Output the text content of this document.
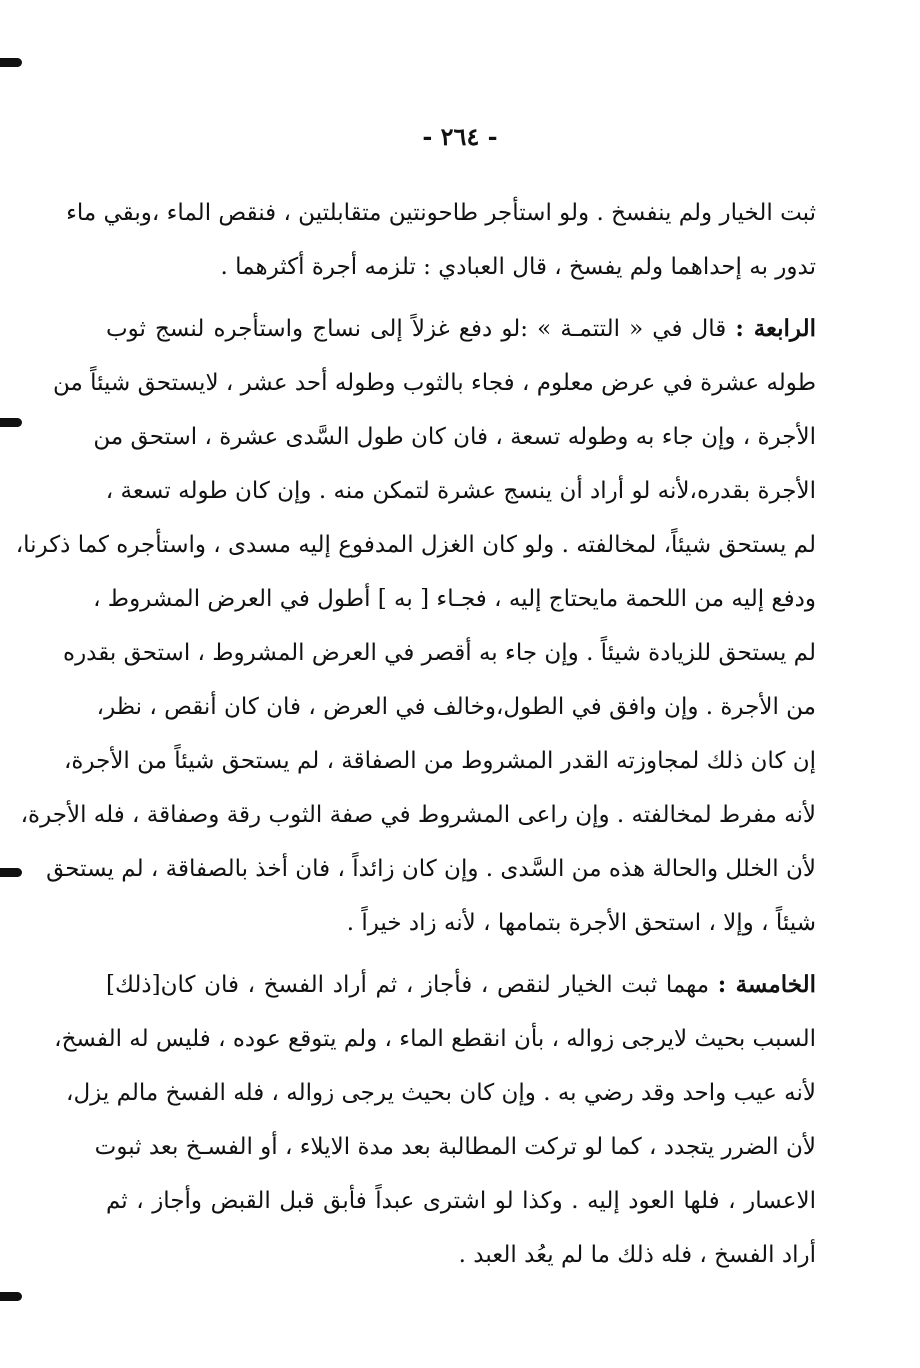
- ٢٦٤ -
ثبت الخيار ولم ينفسخ . ولو استأجر طاحونتين متقابلتين ، فنقص الماء ،وبقي ماء
تدور به إحداهما ولم يفسخ ، قال العبادي : تلزمه أجرة أكثرهما .
الرابعة : قال في « التتمـة » :لو دفع غزلاً إلى نساج واستأجره لنسج ثوب
طوله عشرة في عرض معلوم ، فجاء بالثوب وطوله أحد عشر ، لايستحق شيئاً من
الأجرة ، وإن جاء به وطوله تسعة ، فان كان طول السَّدى عشرة ، استحق من
الأجرة بقدره،لأنه لو أراد أن ينسج عشرة لتمكن منه . وإن كان طوله تسعة ،
لم يستحق شيئاً، لمخالفته . ولو كان الغزل المدفوع إليه مسدى ، واستأجره كما ذكرنا،
ودفع إليه من اللحمة مايحتاج إليه ، فجـاء [ به ] أطول في العرض المشروط ،
لم يستحق للزيادة شيئاً . وإن جاء به أقصر في العرض المشروط ، استحق بقدره
من الأجرة . وإن وافق في الطول،وخالف في العرض ، فان كان أنقص ، نظر،
إن كان ذلك لمجاوزته القدر المشروط من الصفاقة ، لم يستحق شيئاً من الأجرة،
لأنه مفرط لمخالفته . وإن راعى المشروط في صفة الثوب رقة وصفاقة ، فله الأجرة،
لأن الخلل والحالة هذه من السَّدى . وإن كان زائداً ، فان أخذ بالصفاقة ، لم يستحق
شيئاً ، وإلا ، استحق الأجرة بتمامها ، لأنه زاد خيراً .
الخامسة : مهما ثبت الخيار لنقص ، فأجاز ، ثم أراد الفسخ ، فان كان[ذلك]
السبب بحيث لايرجى زواله ، بأن انقطع الماء ، ولم يتوقع عوده ، فليس له الفسخ،
لأنه عيب واحد وقد رضي به . وإن كان بحيث يرجى زواله ، فله الفسخ مالم يزل،
لأن الضرر يتجدد ، كما لو تركت المطالبة بعد مدة الايلاء ، أو الفسـخ بعد ثبوت
الاعسار ، فلها العود إليه . وكذا لو اشترى عبداً فأبق قبل القبض وأجاز ، ثم
أراد الفسخ ، فله ذلك ما لم يعُد العبد .
